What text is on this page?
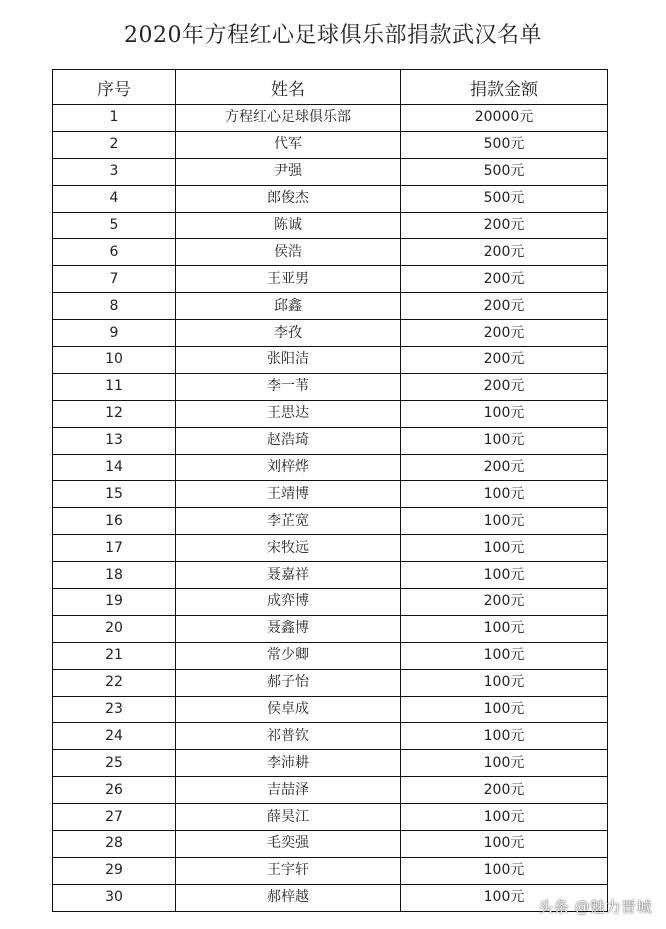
2020年方程红心足球俱乐部捐款武汉名单
序号	姓名	捐款金额
1	方程红心足球俱乐部	20000元
2	代军	500元
3	尹强	500元
4	郎俊杰	500元
5	陈诚	200元
6	侯浩	200元
7	王亚男	200元
8	邱鑫	200元
9	李孜	200元
10	张阳洁	200元
11	李一苇	200元
12	王思达	100元
13	赵浩琦	100元
14	刘梓烨	200元
15	王靖博	100元
16	李芷宽	100元
17	宋牧远	100元
18	聂嘉祥	100元
19	成弈博	200元
20	聂鑫博	100元
21	常少卿	100元
22	郝子怡	100元
23	侯卓成	100元
24	祁普钦	100元
25	李沛耕	100元
26	吉喆泽	200元
27	薛昊江	100元
28	毛奕强	100元
29	王宇轩	100元
30	郝梓越	100元
头条 @魅力晋城
